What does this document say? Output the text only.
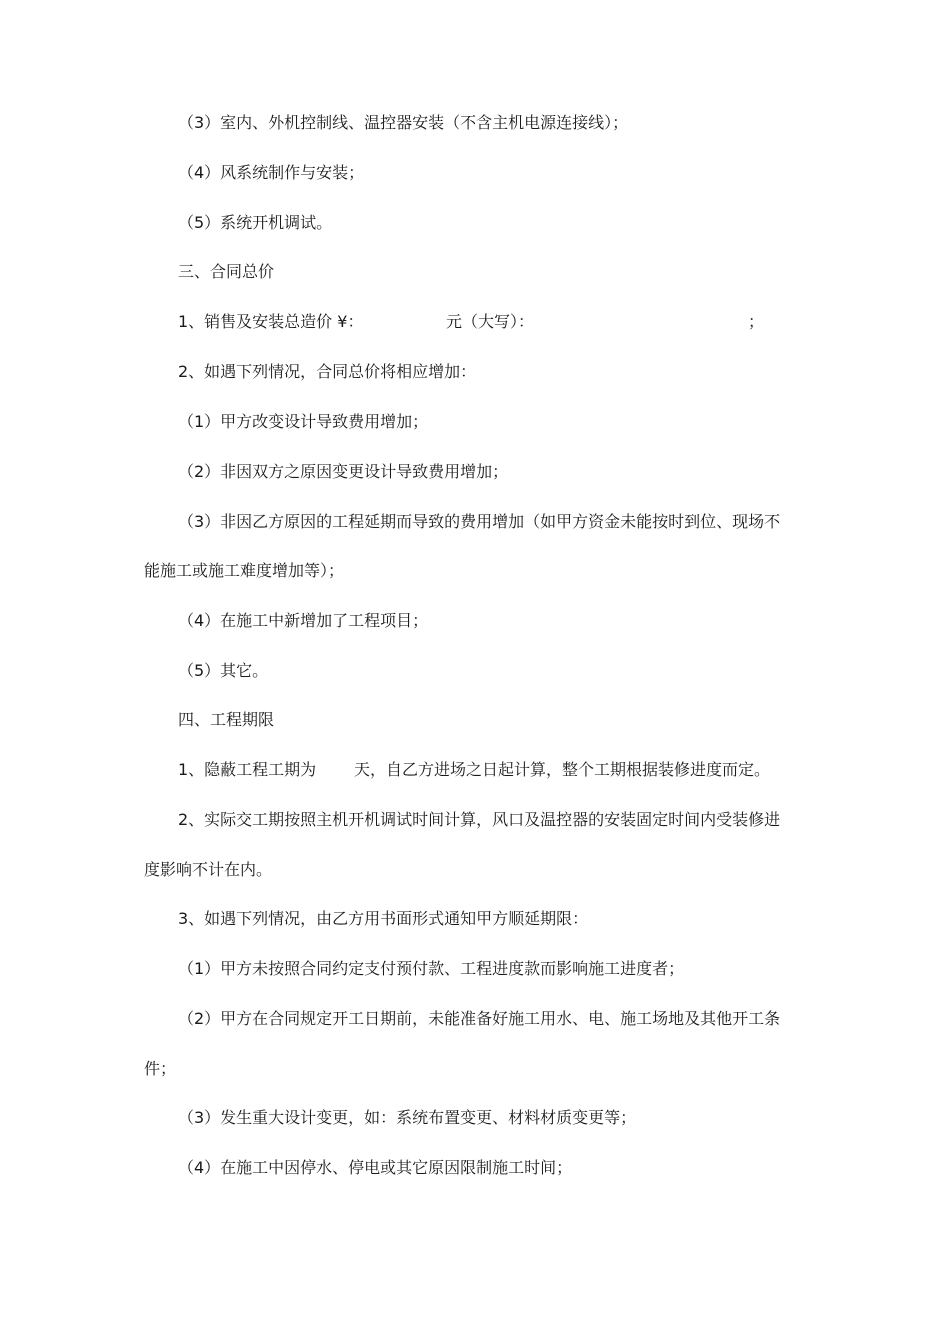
（3）室内、外机控制线、温控器安装（不含主机电源连接线）；
（4）风系统制作与安装；
（5）系统开机调试。
三、合同总价
1、销售及安装总造价 ¥：	元（大写）：	；
2、如遇下列情况，合同总价将相应增加：
（1）甲方改变设计导致费用增加；
（2）非因双方之原因变更设计导致费用增加；
（3）非因乙方原因的工程延期而导致的费用增加（如甲方资金未能按时到位、现场不
能施工或施工难度增加等）；
（4）在施工中新增加了工程项目；
（5）其它。
四、工程期限
1、隐蔽工程工期为 天，自乙方进场之日起计算，整个工期根据装修进度而定。
2、实际交工期按照主机开机调试时间计算，风口及温控器的安装固定时间内受装修进
度影响不计在内。
3、如遇下列情况，由乙方用书面形式通知甲方顺延期限：
（1）甲方未按照合同约定支付预付款、工程进度款而影响施工进度者；
（2）甲方在合同规定开工日期前，未能准备好施工用水、电、施工场地及其他开工条
件；
（3）发生重大设计变更，如：系统布置变更、材料材质变更等；
（4）在施工中因停水、停电或其它原因限制施工时间；
